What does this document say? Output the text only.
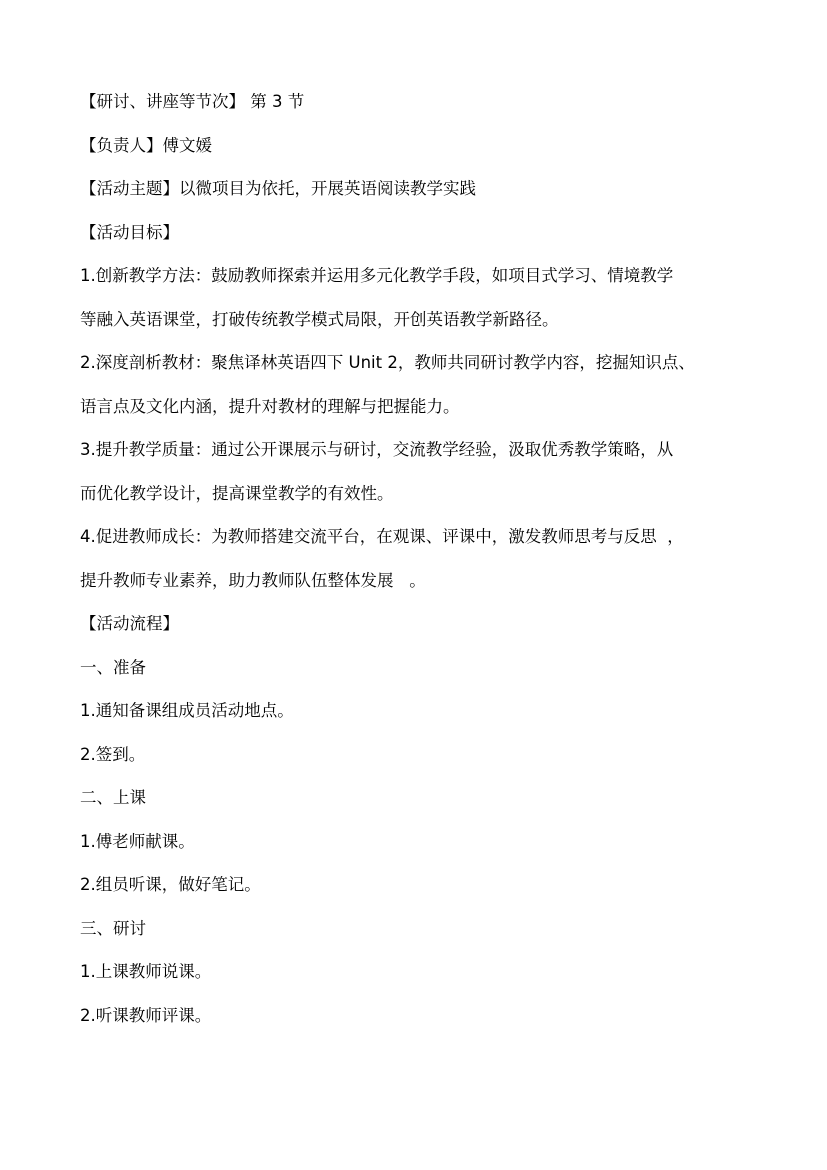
【研讨、讲座等节次】 第 3 节
【负责人】傅文媛
【活动主题】以微项目为依托，开展英语阅读教学实践
【活动目标】
1.创新教学方法：鼓励教师探索并运用多元化教学手段，如项目式学习、情境教学
等融入英语课堂，打破传统教学模式局限，开创英语教学新路径。
2.深度剖析教材：聚焦译林英语四下 Unit 2，教师共同研讨教学内容，挖掘知识点、
语言点及文化内涵，提升对教材的理解与把握能力。
3.提升教学质量：通过公开课展示与研讨，交流教学经验，汲取优秀教学策略，从
而优化教学设计，提高课堂教学的有效性。
4.促进教师成长：为教师搭建交流平台，在观课、评课中，激发教师思考与反思  ，
提升教师专业素养，助力教师队伍整体发展   。
【活动流程】
一、准备
1.通知备课组成员活动地点。
2.签到。
二、上课
1.傅老师献课。
2.组员听课，做好笔记。
三、研讨
1.上课教师说课。
2.听课教师评课。
